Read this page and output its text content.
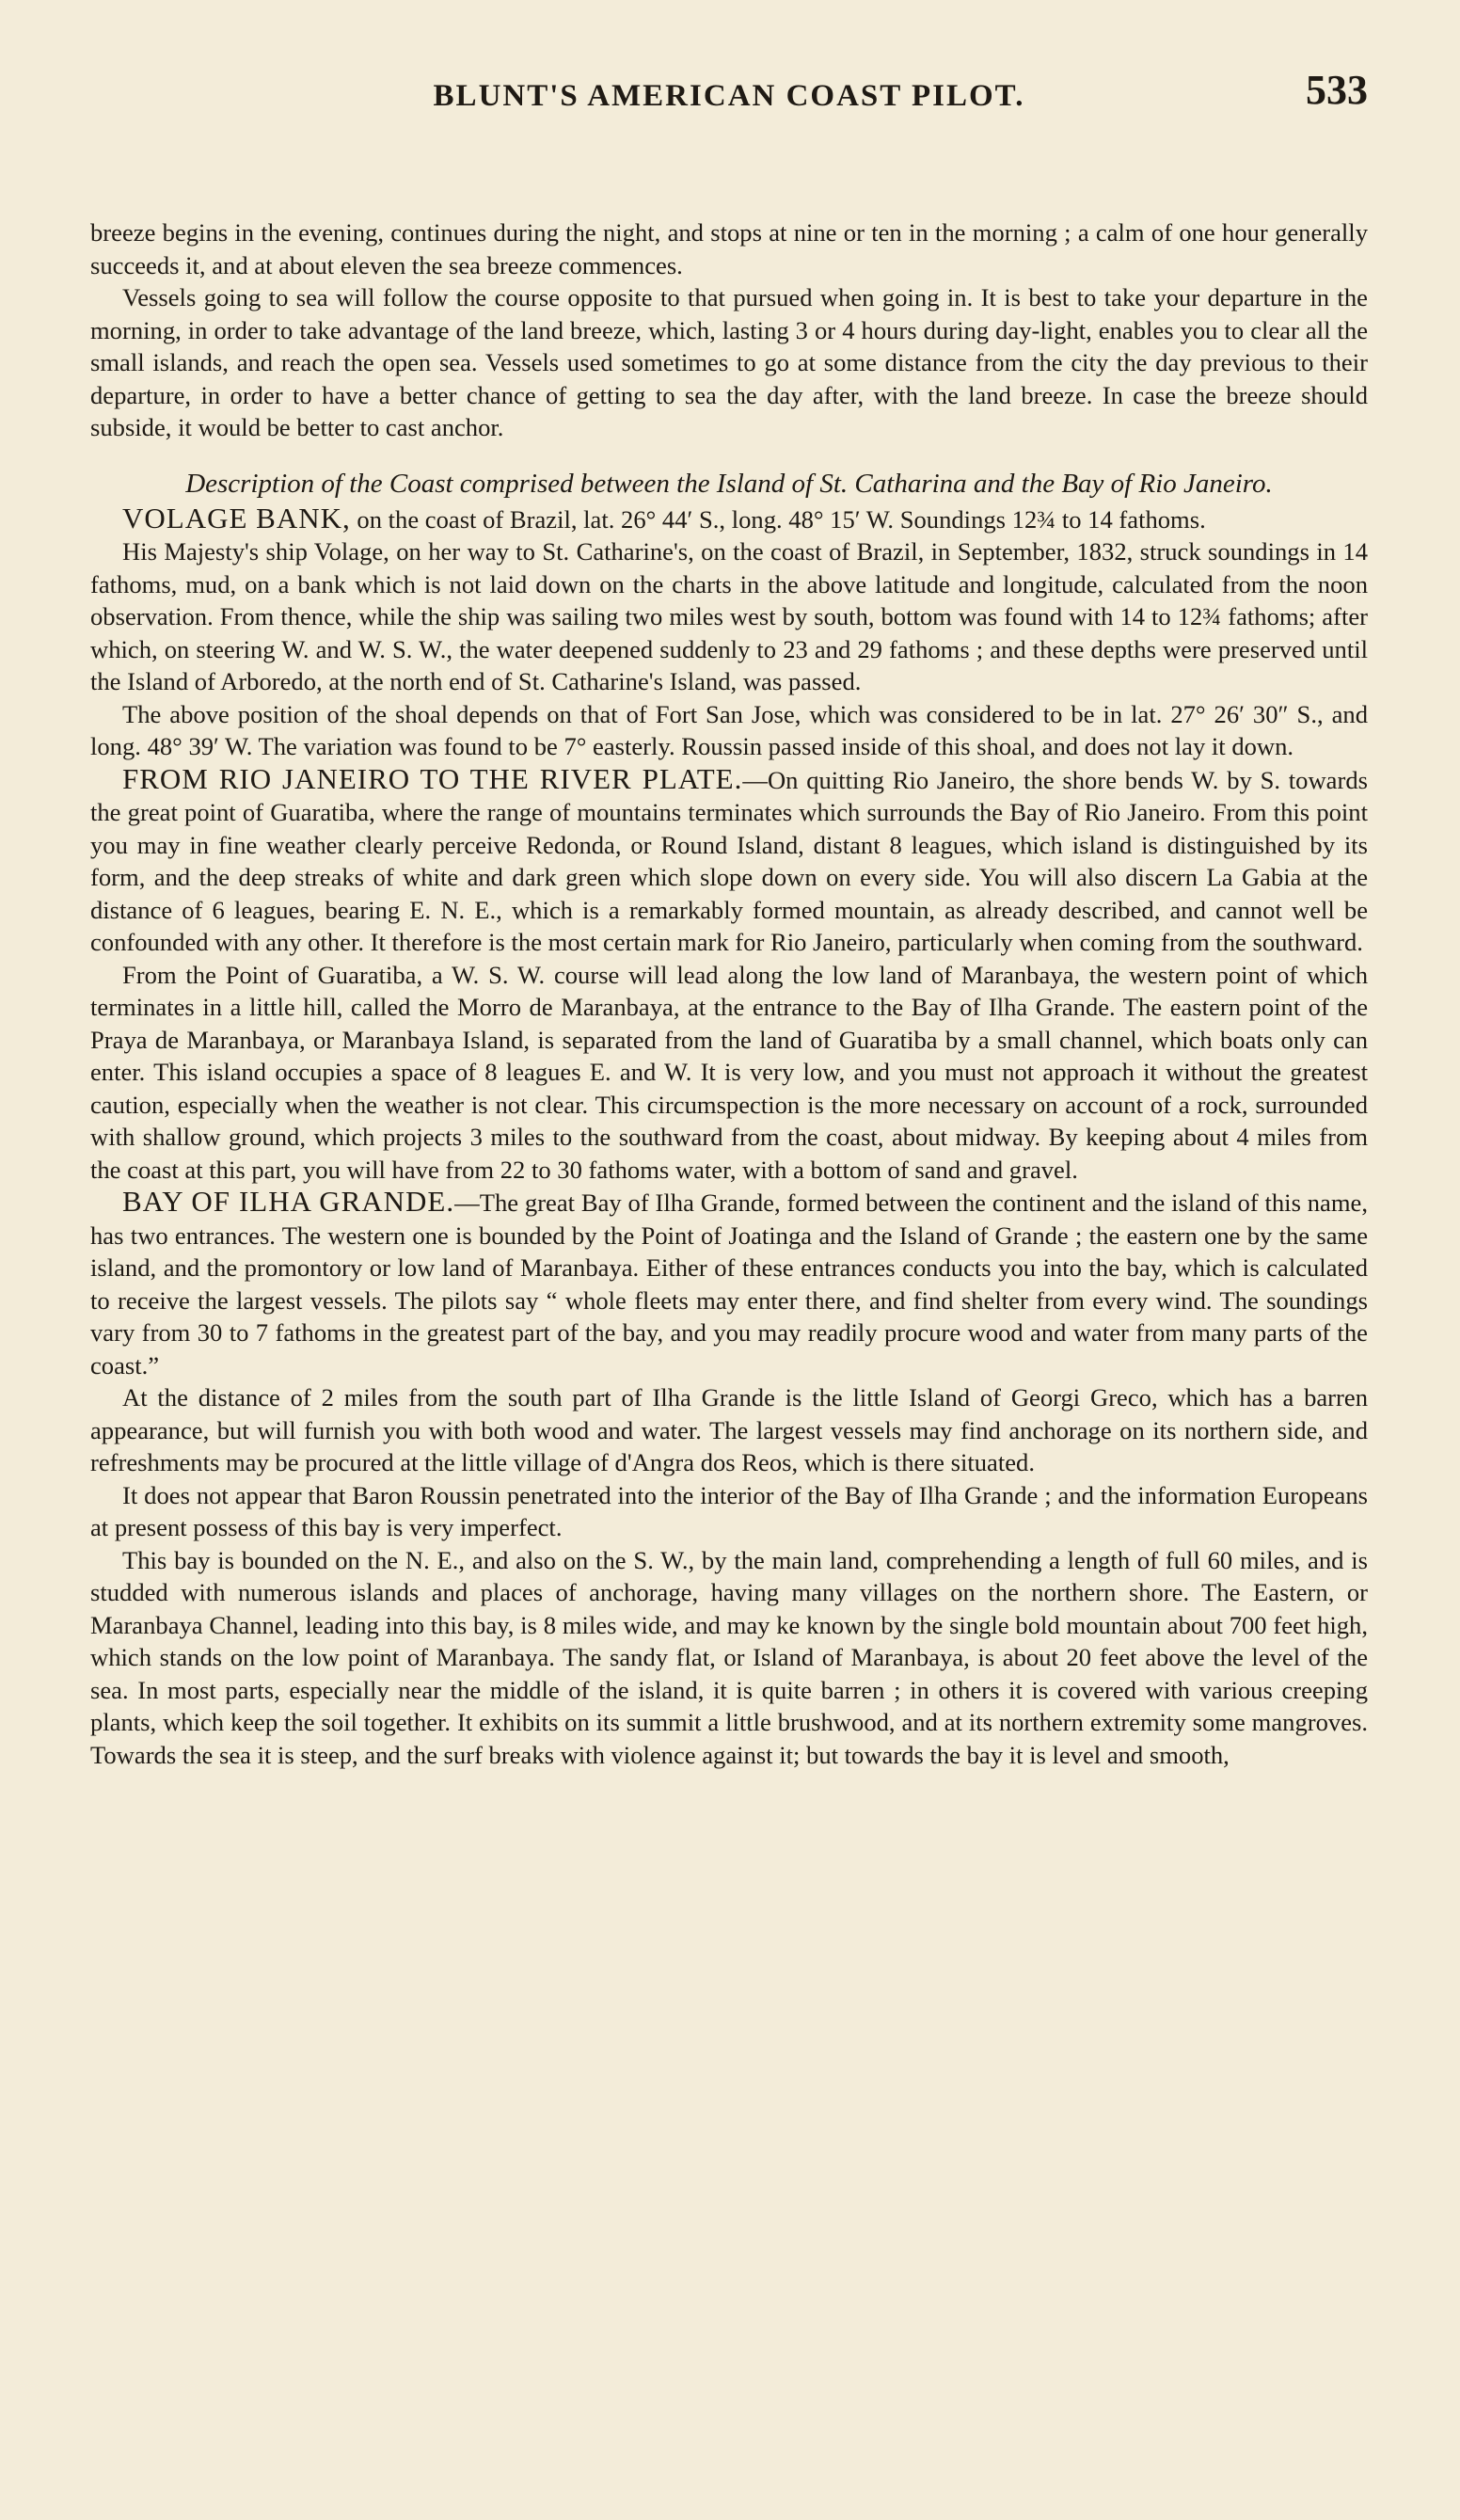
BLUNT'S AMERICAN COAST PILOT.	533

breeze begins in the evening, continues during the night, and stops at nine or ten in the morning ; a calm of one hour generally succeeds it, and at about eleven the sea breeze commences.

Vessels going to sea will follow the course opposite to that pursued when going in. It is best to take your departure in the morning, in order to take advantage of the land breeze, which, lasting 3 or 4 hours during day-light, enables you to clear all the small islands, and reach the open sea. Vessels used sometimes to go at some distance from the city the day previous to their departure, in order to have a better chance of getting to sea the day after, with the land breeze. In case the breeze should subside, it would be better to cast anchor.

Description of the Coast comprised between the Island of St. Catharina and the Bay of Rio Janeiro.

VOLAGE BANK, on the coast of Brazil, lat. 26° 44′ S., long. 48° 15′ W. Soundings 12¾ to 14 fathoms.

His Majesty's ship Volage, on her way to St. Catharine's, on the coast of Brazil, in September, 1832, struck soundings in 14 fathoms, mud, on a bank which is not laid down on the charts in the above latitude and longitude, calculated from the noon observation. From thence, while the ship was sailing two miles west by south, bottom was found with 14 to 12¾ fathoms; after which, on steering W. and W. S. W., the water deepened suddenly to 23 and 29 fathoms ; and these depths were preserved until the Island of Arboredo, at the north end of St. Catharine's Island, was passed.

The above position of the shoal depends on that of Fort San Jose, which was considered to be in lat. 27° 26′ 30″ S., and long. 48° 39′ W. The variation was found to be 7° easterly. Roussin passed inside of this shoal, and does not lay it down.

FROM RIO JANEIRO TO THE RIVER PLATE.—On quitting Rio Janeiro, the shore bends W. by S. towards the great point of Guaratiba, where the range of mountains terminates which surrounds the Bay of Rio Janeiro. From this point you may in fine weather clearly perceive Redonda, or Round Island, distant 8 leagues, which island is distinguished by its form, and the deep streaks of white and dark green which slope down on every side. You will also discern La Gabia at the distance of 6 leagues, bearing E. N. E., which is a remarkably formed mountain, as already described, and cannot well be confounded with any other. It therefore is the most certain mark for Rio Janeiro, particularly when coming from the southward.

From the Point of Guaratiba, a W. S. W. course will lead along the low land of Maranbaya, the western point of which terminates in a little hill, called the Morro de Maranbaya, at the entrance to the Bay of Ilha Grande. The eastern point of the Praya de Maranbaya, or Maranbaya Island, is separated from the land of Guaratiba by a small channel, which boats only can enter. This island occupies a space of 8 leagues E. and W. It is very low, and you must not approach it without the greatest caution, especially when the weather is not clear. This circumspection is the more necessary on account of a rock, surrounded with shallow ground, which projects 3 miles to the southward from the coast, about midway. By keeping about 4 miles from the coast at this part, you will have from 22 to 30 fathoms water, with a bottom of sand and gravel.

BAY OF ILHA GRANDE.—The great Bay of Ilha Grande, formed between the continent and the island of this name, has two entrances. The western one is bounded by the Point of Joatinga and the Island of Grande ; the eastern one by the same island, and the promontory or low land of Maranbaya. Either of these entrances conducts you into the bay, which is calculated to receive the largest vessels. The pilots say “ whole fleets may enter there, and find shelter from every wind. The soundings vary from 30 to 7 fathoms in the greatest part of the bay, and you may readily procure wood and water from many parts of the coast.”

At the distance of 2 miles from the south part of Ilha Grande is the little Island of Georgi Greco, which has a barren appearance, but will furnish you with both wood and water. The largest vessels may find anchorage on its northern side, and refreshments may be procured at the little village of d'Angra dos Reos, which is there situated.

It does not appear that Baron Roussin penetrated into the interior of the Bay of Ilha Grande ; and the information Europeans at present possess of this bay is very imperfect.

This bay is bounded on the N. E., and also on the S. W., by the main land, comprehending a length of full 60 miles, and is studded with numerous islands and places of anchorage, having many villages on the northern shore. The Eastern, or Maranbaya Channel, leading into this bay, is 8 miles wide, and may ke known by the single bold mountain about 700 feet high, which stands on the low point of Maranbaya. The sandy flat, or Island of Maranbaya, is about 20 feet above the level of the sea. In most parts, especially near the middle of the island, it is quite barren ; in others it is covered with various creeping plants, which keep the soil together. It exhibits on its summit a little brushwood, and at its northern extremity some mangroves. Towards the sea it is steep, and the surf breaks with violence against it; but towards the bay it is level and smooth,
